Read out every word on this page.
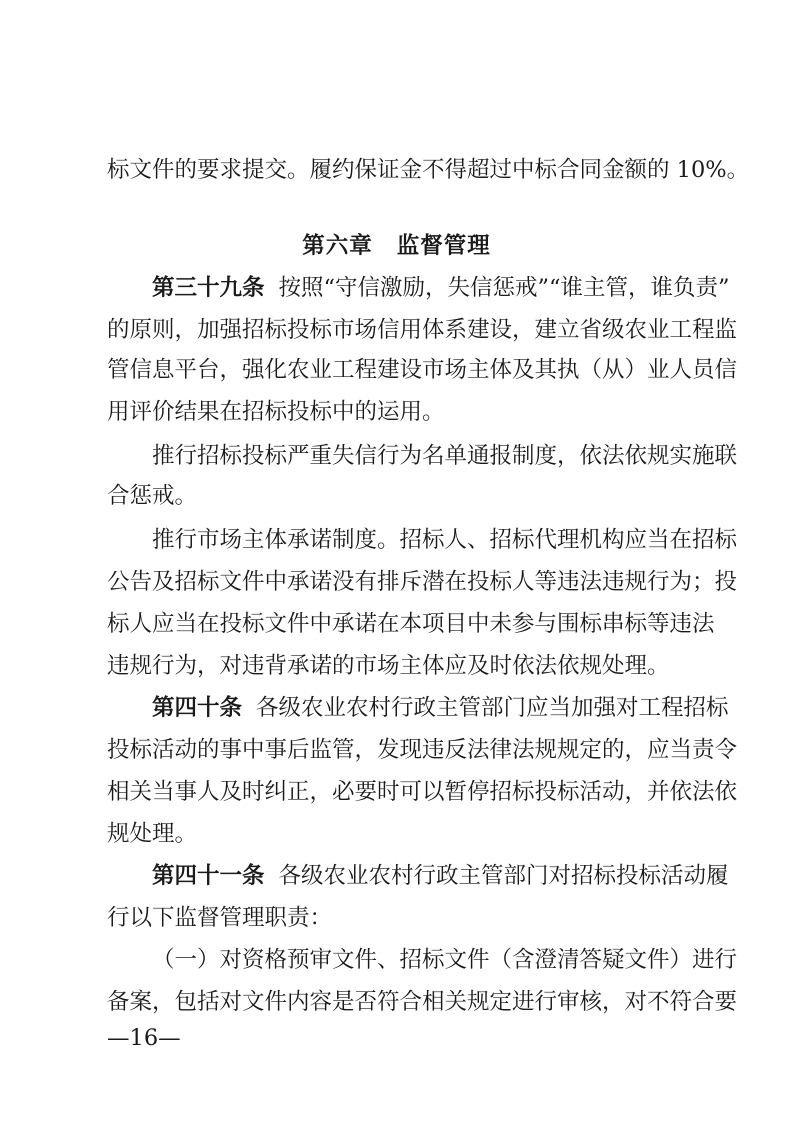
标文件的要求提交。履约保证金不得超过中标合同金额的 10%。
第六章 监督管理
第三十九条 按照“守信激励，失信惩戒”“谁主管，谁负责”
的原则，加强招标投标市场信用体系建设，建立省级农业工程监
管信息平台，强化农业工程建设市场主体及其执（从）业人员信
用评价结果在招标投标中的运用。
推行招标投标严重失信行为名单通报制度，依法依规实施联
合惩戒。
推行市场主体承诺制度。招标人、招标代理机构应当在招标
公告及招标文件中承诺没有排斥潜在投标人等违法违规行为；投
标人应当在投标文件中承诺在本项目中未参与围标串标等违法
违规行为，对违背承诺的市场主体应及时依法依规处理。
第四十条 各级农业农村行政主管部门应当加强对工程招标
投标活动的事中事后监管，发现违反法律法规规定的，应当责令
相关当事人及时纠正，必要时可以暂停招标投标活动，并依法依
规处理。
第四十一条 各级农业农村行政主管部门对招标投标活动履
行以下监督管理职责：
（一）对资格预审文件、招标文件（含澄清答疑文件）进行
备案，包括对文件内容是否符合相关规定进行审核，对不符合要
—16—
